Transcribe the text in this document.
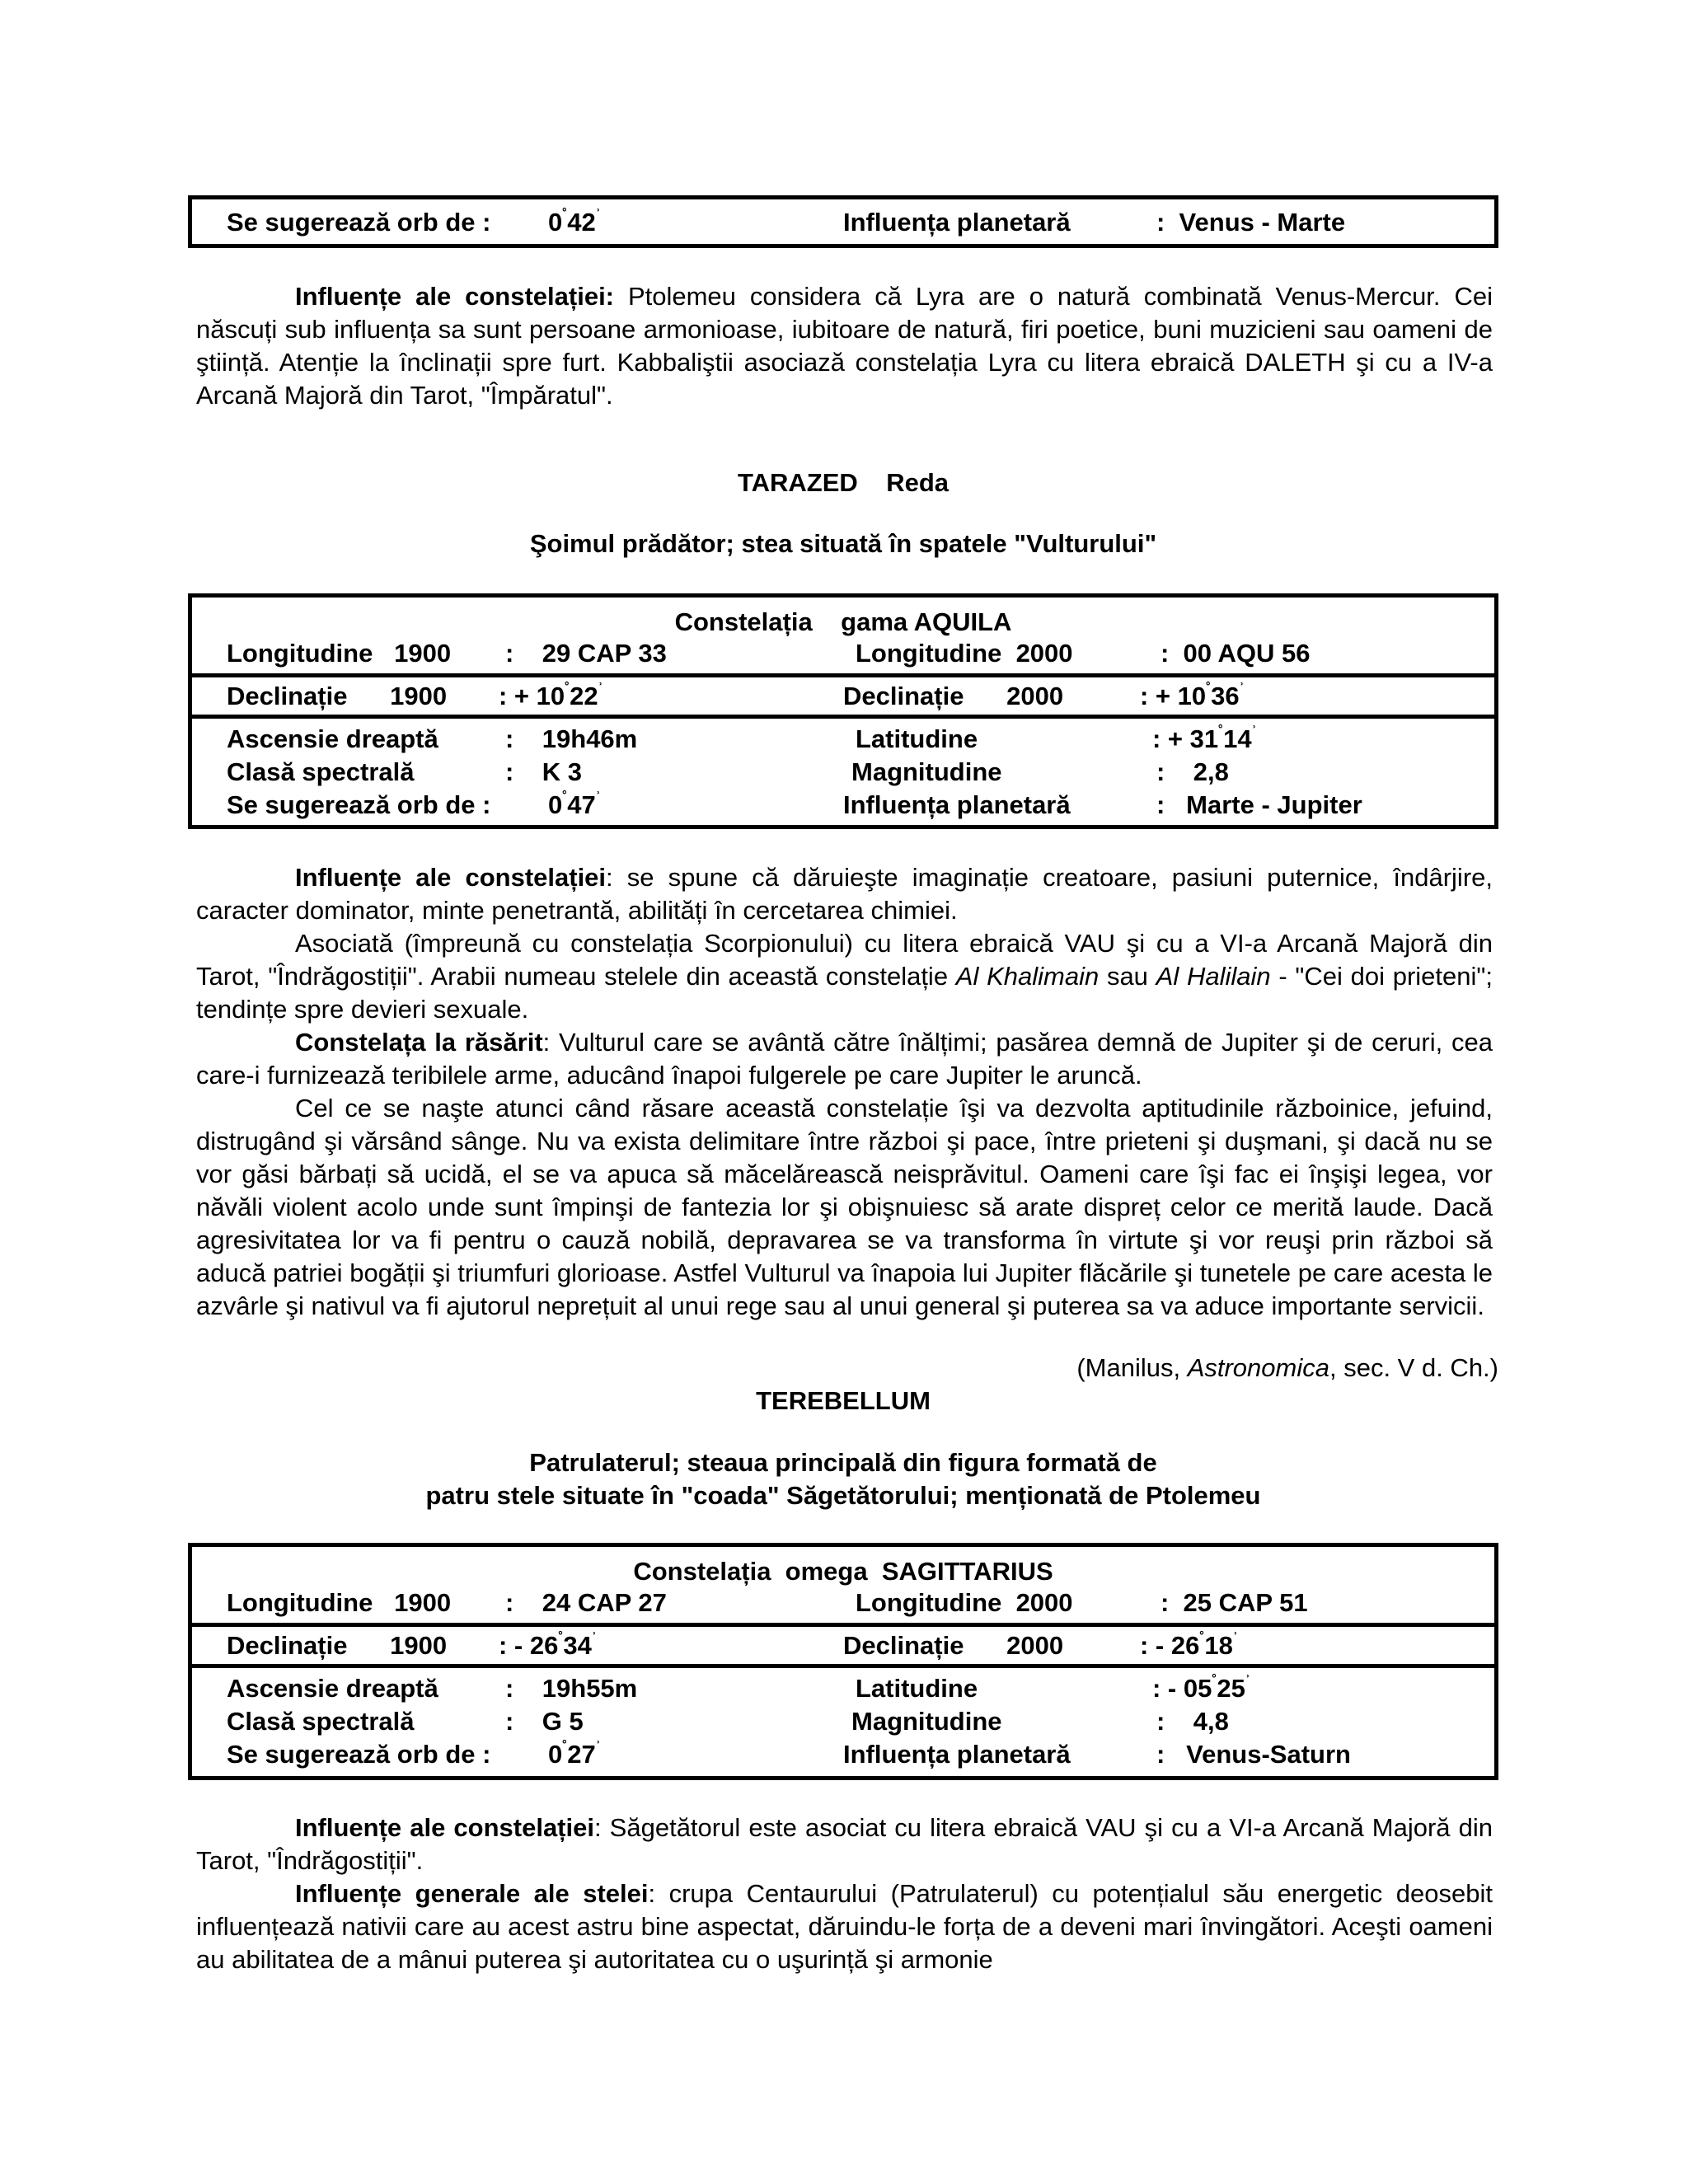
Se sugerează orb de : $0^˚42^ʾ$	Influența planetară	:  Venus - Marte

Influențe ale constelației: Ptolemeu considera că Lyra are o natură combinată Venus-Mercur. Cei născuți sub influența sa sunt persoane armonioase, iubitoare de natură, firi poetice, buni muzicieni sau oameni de ştiință. Atenție la înclinații spre furt. Kabbaliştii asociază constelația Lyra cu litera ebraică DALETH şi cu a IV-a Arcană Majoră din Tarot, "Împăratul".

TARAZED    Reda
Şoimul prădător; stea situată în spatele "Vulturului"
Constelația    gama AQUILA
Longitudine   1900 :    29 CAP 33	Longitudine  2000	:  00 AQU 56
Declinație      1900 : + $10^˚22^ʾ$	Declinație      2000	: + $10^˚36^ʾ$
Ascensie dreaptă	:    19h46m	Latitudine	: + $31^˚14^ʾ$
Clasă spectrală	:    K 3	Magnitudine	:    2,8
Se sugerează orb de : $0^˚47^ʾ$	Influența planetară	:   Marte - Jupiter

Influențe ale constelației: se spune că dăruieşte imaginație creatoare, pasiuni puternice, îndârjire, caracter dominator, minte penetrantă, abilități în cercetarea chimiei.

Asociată (împreună cu constelația Scorpionului) cu litera ebraică VAU şi cu a VI-a Arcană Majoră din Tarot, "Îndrăgostiții". Arabii numeau stelele din această constelație Al Khalimain sau Al Halilain - "Cei doi prieteni"; tendințe spre devieri sexuale.

Constelața la răsărit: Vulturul care se avântă către înălțimi; pasărea demnă de Jupiter şi de ceruri, cea care-i furnizează teribilele arme, aducând înapoi fulgerele pe care Jupiter le aruncă.

Cel ce se naşte atunci când răsare această constelație îşi va dezvolta aptitudinile războinice, jefuind, distrugând şi vărsând sânge. Nu va exista delimitare între război şi pace, între prieteni şi duşmani, şi dacă nu se vor găsi bărbați să ucidă, el se va apuca să măcelărească neisprăvitul. Oameni care îşi fac ei înşişi legea, vor năvăli violent acolo unde sunt împinşi de fantezia lor şi obişnuiesc să arate dispreț celor ce merită laude. Dacă agresivitatea lor va fi pentru o cauză nobilă, depravarea se va transforma în virtute şi vor reuşi prin război să aducă patriei bogății şi triumfuri glorioase. Astfel Vulturul va înapoia lui Jupiter flăcările şi tunetele pe care acesta le azvârle şi nativul va fi ajutorul neprețuit al unui rege sau al unui general şi puterea sa va aduce importante servicii.

(Manilus, Astronomica, sec. V d. Ch.)
TEREBELLUM
Patrulaterul; steaua principală din figura formată de
patru stele situate în "coada" Săgetătorului; menționată de Ptolemeu
Constelația  omega  SAGITTARIUS
Longitudine   1900 :    24 CAP 27	Longitudine  2000	:  25 CAP 51
Declinație      1900 : - $26^˚34^ʾ$	Declinație      2000	: - $26^˚18^ʾ$
Ascensie dreaptă	:    19h55m	Latitudine	: - $05^˚25^ʾ$
Clasă spectrală	:    G 5	Magnitudine	:    4,8
Se sugerează orb de : $0^˚27^ʾ$	Influența planetară	:   Venus-Saturn

Influențe ale constelației: Săgetătorul este asociat cu litera ebraică VAU şi cu a VI-a Arcană Majoră din Tarot, "Îndrăgostiții".

Influențe generale ale stelei: crupa Centaurului (Patrulaterul) cu potențialul său energetic deosebit influențează nativii care au acest astru bine aspectat, dăruindu-le forța de a deveni mari învingători. Aceşti oameni au abilitatea de a mânui puterea şi autoritatea cu o uşurință şi armonie
